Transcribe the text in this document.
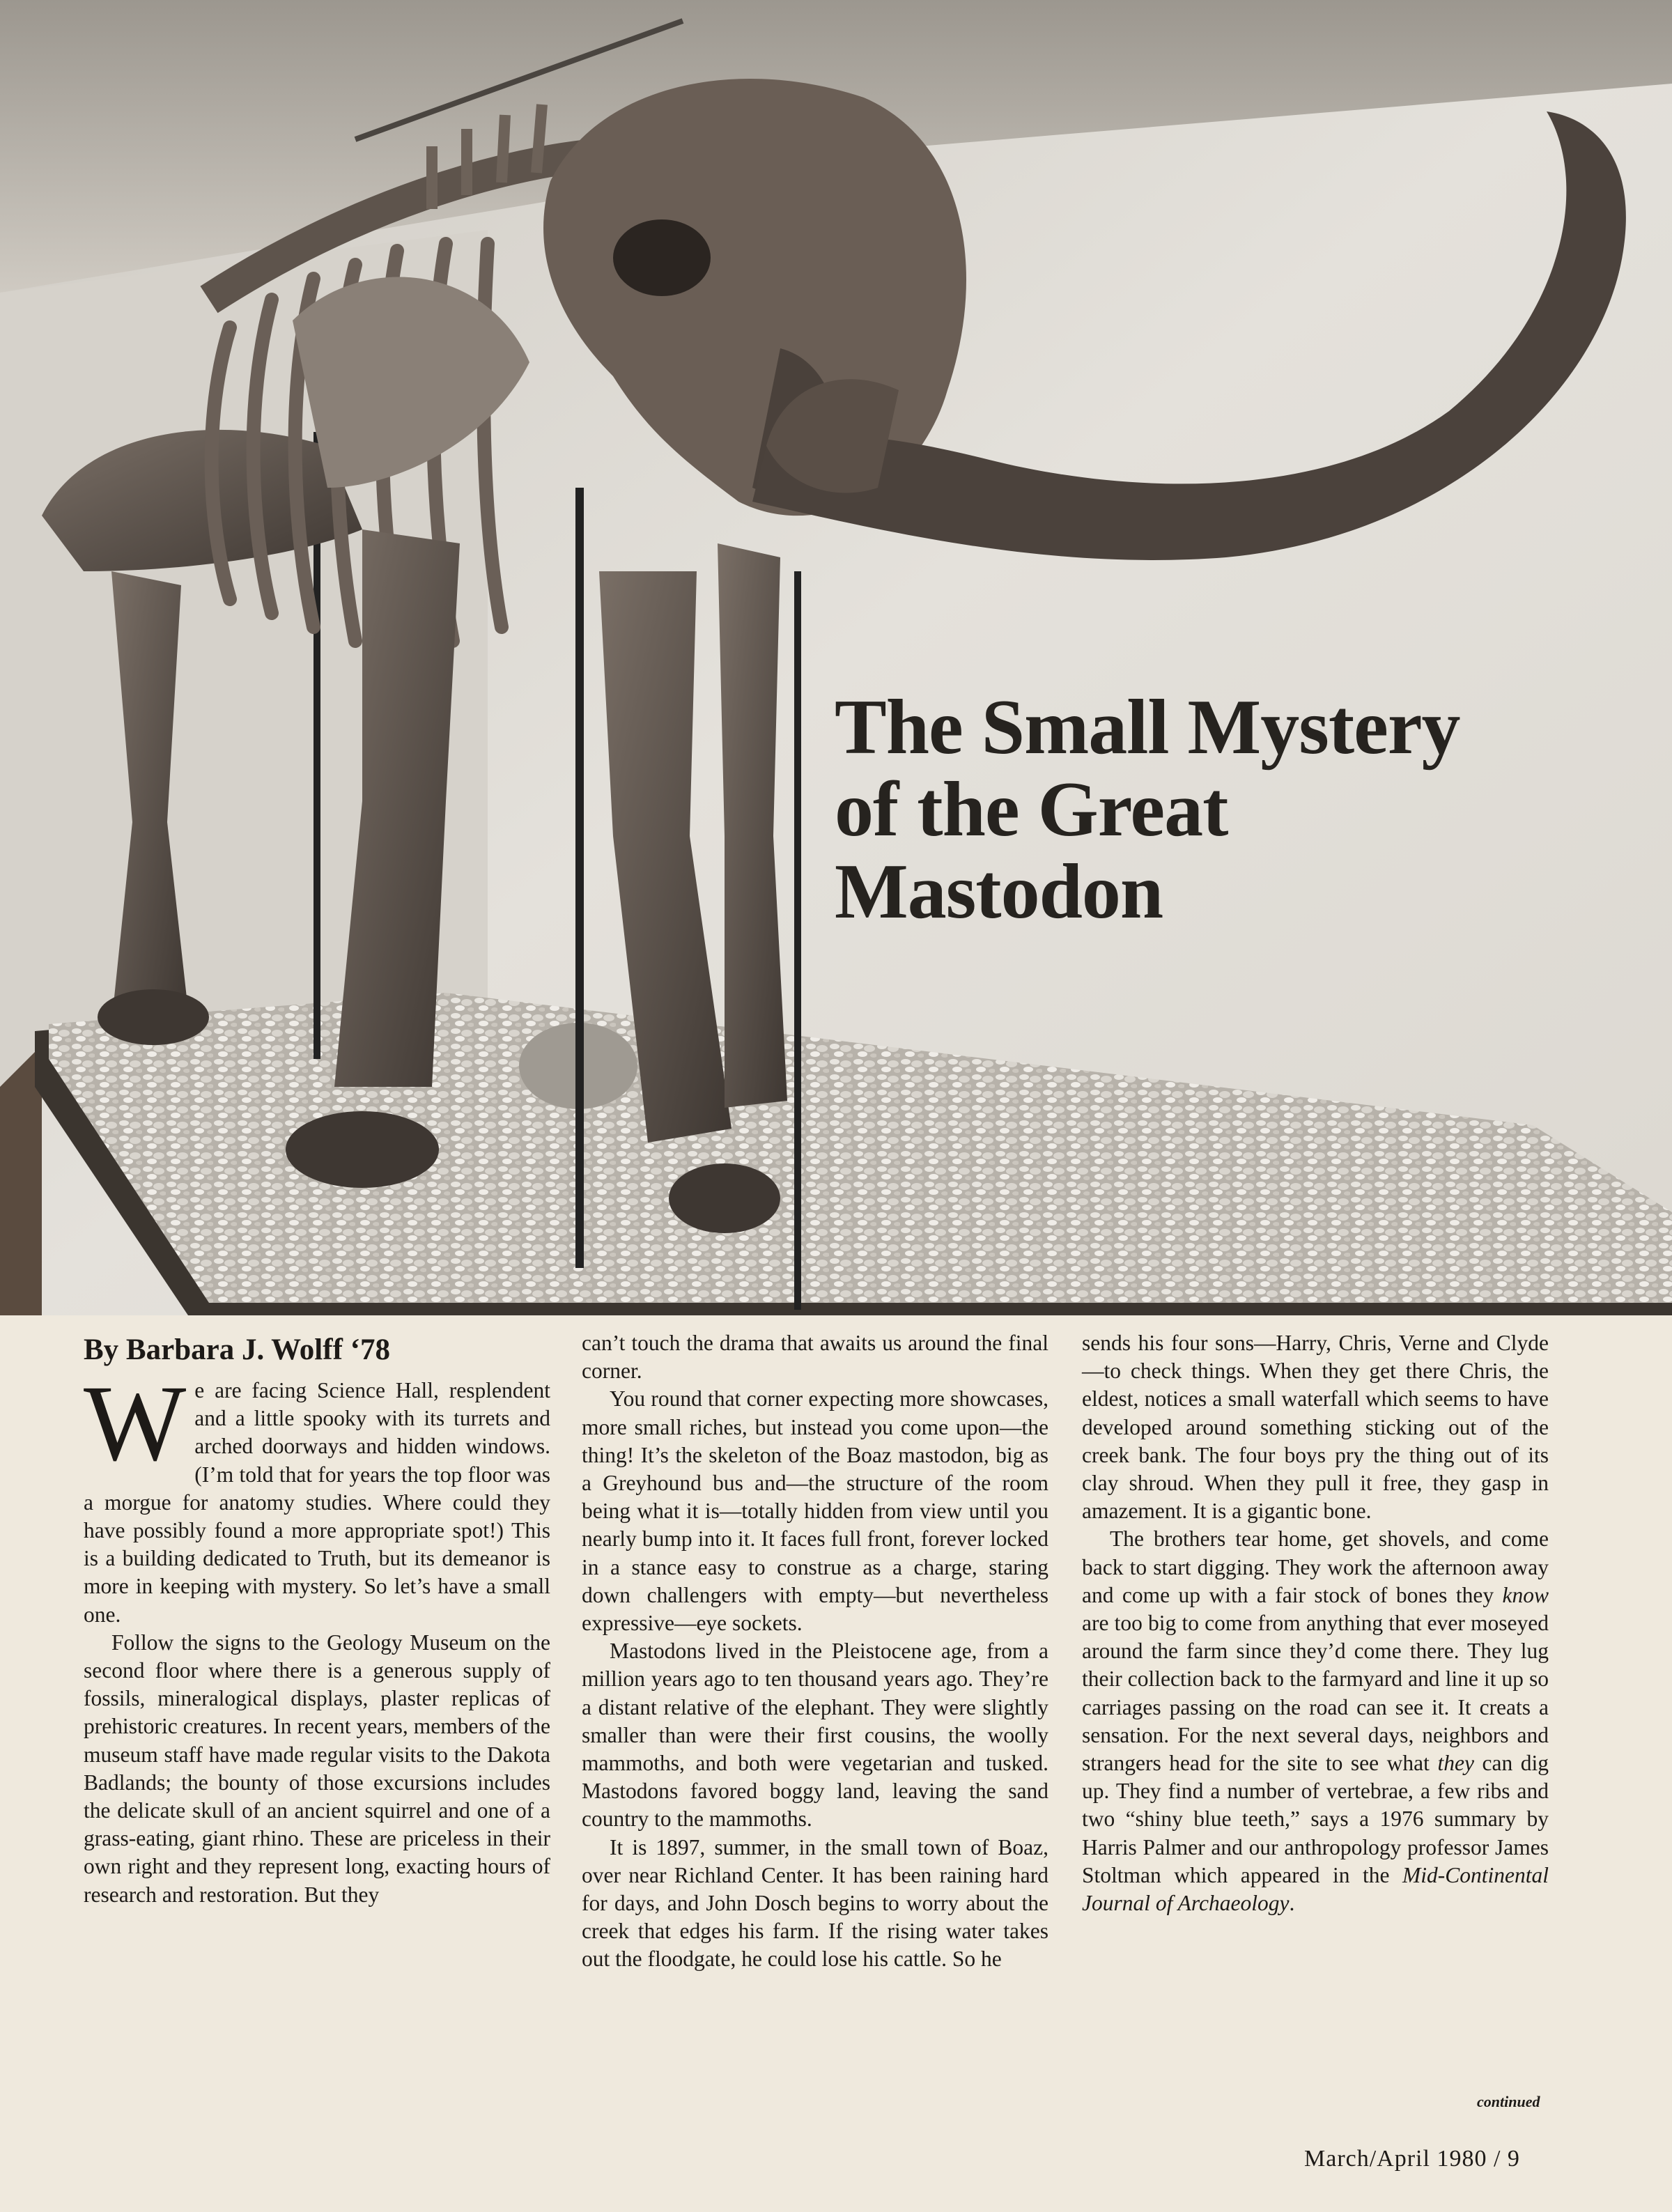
The Small Mystery
of the Great
Mastodon
By Barbara J. Wolff ‘78

We are facing Science Hall, resplendent and a little spooky with its turrets and arched doorways and hidden windows. (I’m told that for years the top floor was a morgue for anatomy studies. Where could they have possibly found a more appropriate spot!) This is a building dedicated to Truth, but its demeanor is more in keeping with mystery. So let’s have a small one.

Follow the signs to the Geology Museum on the second floor where there is a generous supply of fossils, mineralogical displays, plaster replicas of prehistoric creatures. In recent years, members of the museum staff have made regular visits to the Dakota Badlands; the bounty of those excursions includes the delicate skull of an ancient squirrel and one of a grass-eating, giant rhino. These are priceless in their own right and they represent long, exacting hours of research and restoration. But they

can’t touch the drama that awaits us around the final corner.

You round that corner expecting more showcases, more small riches, but instead you come upon—the thing! It’s the skeleton of the Boaz mastodon, big as a Greyhound bus and—the structure of the room being what it is—totally hidden from view until you nearly bump into it. It faces full front, forever locked in a stance easy to construe as a charge, staring down challengers with empty—but nevertheless expressive—eye sockets.

Mastodons lived in the Pleistocene age, from a million years ago to ten thousand years ago. They’re a distant relative of the elephant. They were slightly smaller than were their first cousins, the woolly mammoths, and both were vegetarian and tusked. Mastodons favored boggy land, leaving the sand country to the mammoths.

It is 1897, summer, in the small town of Boaz, over near Richland Center. It has been raining hard for days, and John Dosch begins to worry about the creek that edges his farm. If the rising water takes out the floodgate, he could lose his cattle. So he

sends his four sons—Harry, Chris, Verne and Clyde—to check things. When they get there Chris, the eldest, notices a small waterfall which seems to have developed around something sticking out of the creek bank. The four boys pry the thing out of its clay shroud. When they pull it free, they gasp in amazement. It is a gigantic bone.

The brothers tear home, get shovels, and come back to start digging. They work the afternoon away and come up with a fair stock of bones they know are too big to come from anything that ever moseyed around the farm since they’d come there. They lug their collection back to the farmyard and line it up so carriages passing on the road can see it. It creats a sensation. For the next several days, neighbors and strangers head for the site to see what they can dig up. They find a number of vertebrae, a few ribs and two “shiny blue teeth,” says a 1976 summary by Harris Palmer and our anthropology professor James Stoltman which appeared in the Mid-Continental Journal of Archaeology.

continued
March/April 1980 / 9
